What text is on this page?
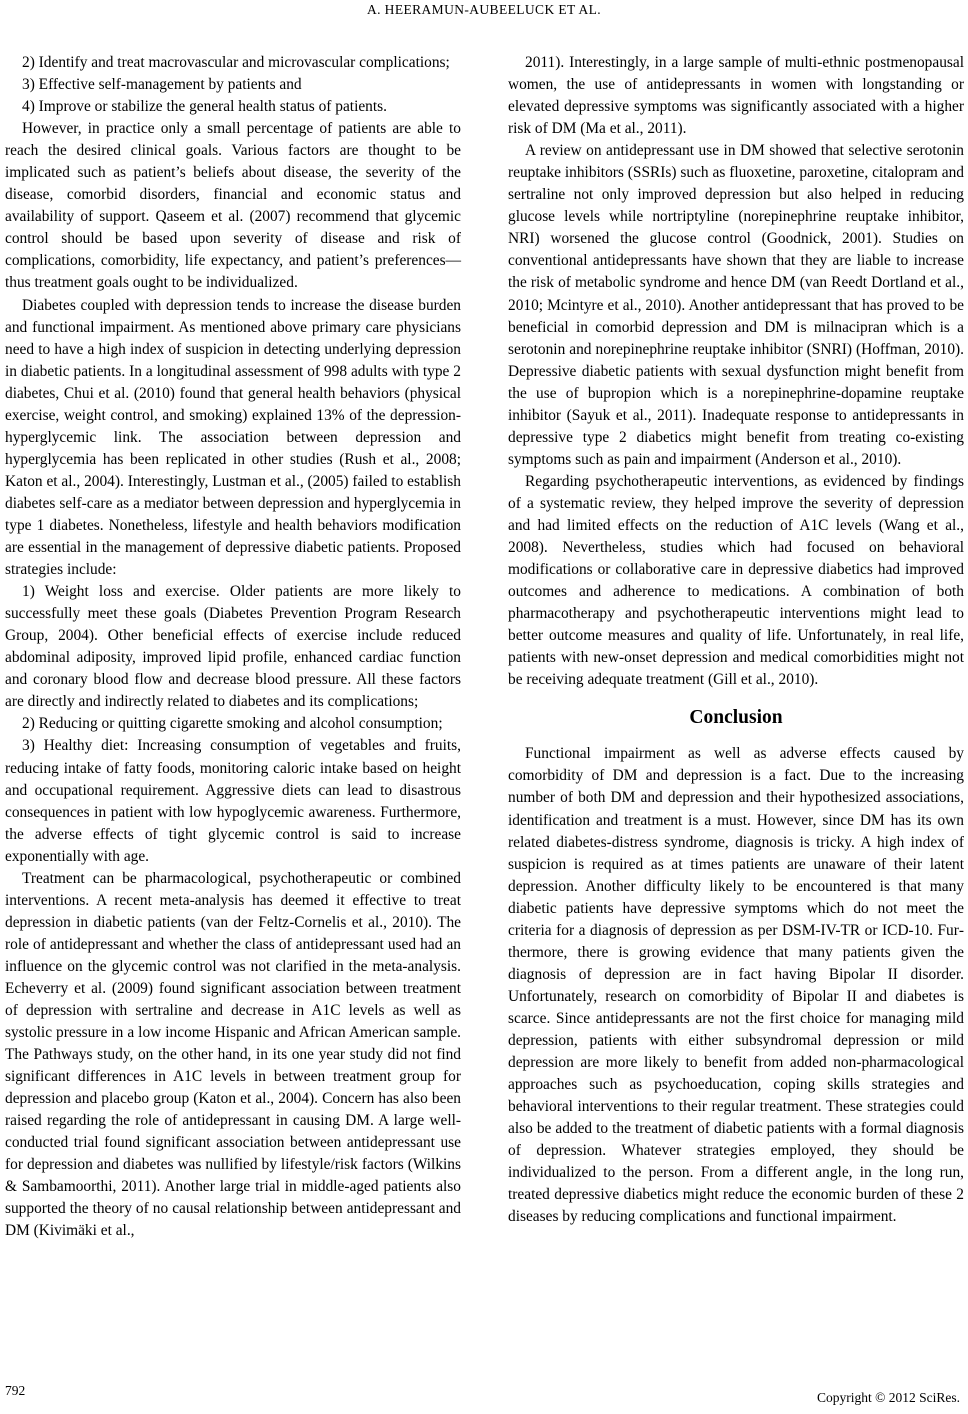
A. HEERAMUN-AUBEELUCK ET AL.

2) Identify and treat macrovascular and microvascular complications;

3) Effective self-management by patients and

4) Improve or stabilize the general health status of patients.

However, in practice only a small percentage of patients are able to reach the desired clinical goals. Various factors are thought to be implicated such as patient’s beliefs about disease, the severity of the disease, comorbid disorders, financial and economic status and availability of support. Qaseem et al. (2007) recommend that glycemic control should be based upon severity of disease and risk of complications, comorbidity, life expectancy, and patient’s preferences—thus treatment goals ought to be individualized.

Diabetes coupled with depression tends to increase the disease burden and functional impairment. As mentioned above primary care physicians need to have a high index of suspicion in detecting underlying depression in diabetic patients. In a longitudinal assessment of 998 adults with type 2 diabetes, Chui et al. (2010) found that general health behaviors (physical exercise, weight control, and smoking) explained 13% of the depression-hyperglycemic link. The association between depression and hyperglycemia has been replicated in other studies (Rush et al., 2008; Katon et al., 2004). Interestingly, Lustman et al., (2005) failed to establish diabetes self-care as a mediator between depression and hyperglycemia in type 1 diabetes. Nonetheless, lifestyle and health behaviors modification are essential in the management of depressive diabetic patients. Proposed strategies include:

1) Weight loss and exercise. Older patients are more likely to successfully meet these goals (Diabetes Prevention Program Research Group, 2004). Other beneficial effects of exercise include reduced abdominal adiposity, improved lipid profile, enhanced cardiac function and coronary blood flow and decrease blood pressure. All these factors are directly and indirectly related to diabetes and its complications;

2) Reducing or quitting cigarette smoking and alcohol consumption;

3) Healthy diet: Increasing consumption of vegetables and fruits, reducing intake of fatty foods, monitoring caloric intake based on height and occupational requirement. Aggressive diets can lead to disastrous consequences in patient with low hypoglycemic awareness. Furthermore, the adverse effects of tight glycemic control is said to increase exponentially with age.

Treatment can be pharmacological, psychotherapeutic or combined interventions. A recent meta-analysis has deemed it effective to treat depression in diabetic patients (van der Feltz-Cornelis et al., 2010). The role of antidepressant and whether the class of antidepressant used had an influence on the glycemic control was not clarified in the meta-analysis. Echeverry et al. (2009) found significant association between treatment of depression with sertraline and decrease in A1C levels as well as systolic pressure in a low income Hispanic and African American sample. The Pathways study, on the other hand, in its one year study did not find significant differences in A1C levels in between treatment group for depression and placebo group (Katon et al., 2004). Concern has also been raised regarding the role of antidepressant in causing DM. A large well-conducted trial found significant association between antidepressant use for depression and diabetes was nullified by lifestyle/risk factors (Wilkins & Sambamoorthi, 2011). Another large trial in middle-aged patients also supported the theory of no causal relationship between antidepressant and DM (Kivimäki et al.,

2011). Interestingly, in a large sample of multi-ethnic postmenopausal women, the use of antidepressants in women with longstanding or elevated depressive symptoms was significantly associated with a higher risk of DM (Ma et al., 2011).

A review on antidepressant use in DM showed that selective serotonin reuptake inhibitors (SSRIs) such as fluoxetine, paroxetine, citalopram and sertraline not only improved depression but also helped in reducing glucose levels while nortriptyline (norepinephrine reuptake inhibitor, NRI) worsened the glucose control (Goodnick, 2001). Studies on conventional antidepressants have shown that they are liable to increase the risk of metabolic syndrome and hence DM (van Reedt Dortland et al., 2010; Mcintyre et al., 2010). Another antidepressant that has proved to be beneficial in comorbid depression and DM is milnacipran which is a serotonin and norepinephrine reuptake inhibitor (SNRI) (Hoffman, 2010). Depressive diabetic patients with sexual dysfunction might benefit from the use of bupropion which is a norepinephrine-dopamine reuptake inhibitor (Sayuk et al., 2011). Inadequate response to antidepressants in depressive type 2 diabetics might benefit from treating co-existing symptoms such as pain and impairment (Anderson et al., 2010).

Regarding psychotherapeutic interventions, as evidenced by findings of a systematic review, they helped improve the severity of depression and had limited effects on the reduction of A1C levels (Wang et al., 2008). Nevertheless, studies which had focused on behavioral modifications or collaborative care in depressive diabetics had improved outcomes and adherence to medications. A combination of both pharmacotherapy and psychotherapeutic interventions might lead to better outcome measures and quality of life. Unfortunately, in real life, patients with new-onset depression and medical comorbidities might not be receiving adequate treatment (Gill et al., 2010).

Conclusion

Functional impairment as well as adverse effects caused by comorbidity of DM and depression is a fact. Due to the increasing number of both DM and depression and their hypothesized associations, identification and treatment is a must. However, since DM has its own related diabetes-distress syndrome, diagnosis is tricky. A high index of suspicion is required as at times patients are unaware of their latent depression. Another difficulty likely to be encountered is that many diabetic patients have depressive symptoms which do not meet the criteria for a diagnosis of depression as per DSM-IV-TR or ICD-10. Furthermore, there is growing evidence that many patients given the diagnosis of depression are in fact having Bipolar II disorder. Unfortunately, research on comorbidity of Bipolar II and diabetes is scarce. Since antidepressants are not the first choice for managing mild depression, patients with either subsyndromal depression or mild depression are more likely to benefit from added non-pharmacological approaches such as psychoeducation, coping skills strategies and behavioral interventions to their regular treatment. These strategies could also be added to the treatment of diabetic patients with a formal diagnosis of depression. Whatever strategies employed, they should be individualized to the person. From a different angle, in the long run, treated depressive diabetics might reduce the economic burden of these 2 diseases by reducing complications and functional impairment.

792	Copyright © 2012 SciRes.
